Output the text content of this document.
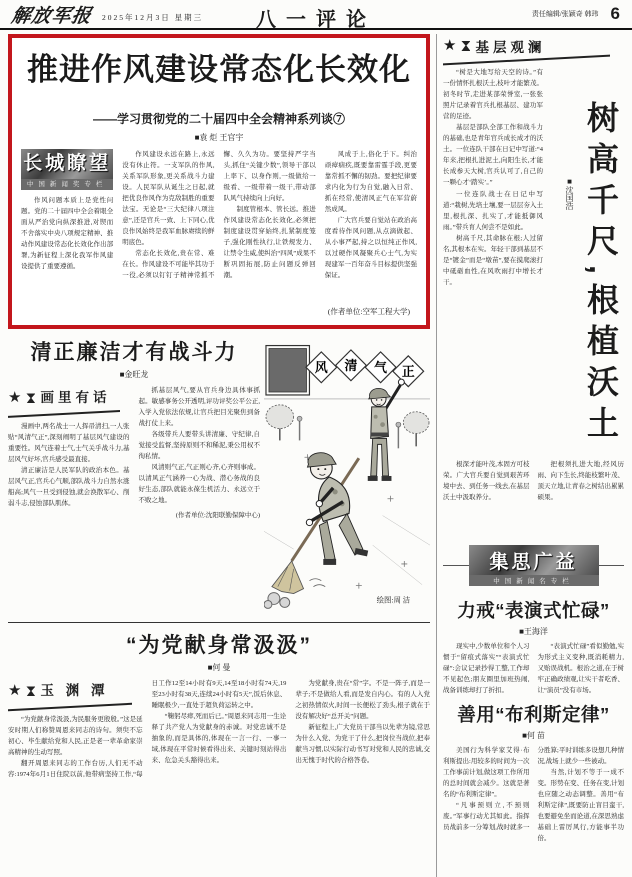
解放军报 2025年12月3日 星期三	八一评论	责任编辑/张颖奇 韩玮 6
推进作风建设常态化长效化
——学习贯彻党的二十届四中全会精神系列谈⑦
■袁 炬 王官宇
长城瞭望
中国新闻奖专栏

作风问题本质上是党性问题。党的二十届四中全会着眼全面从严治党向纵深推进,对锲而不舍落实中央八项规定精神、推动作风建设常态化长效化作出部署,为新征程上深化我军作风建设提供了重要遵循。

作风建设永远在路上,永远没有休止符。一支军队的作风,关系军队形象,更关系战斗力建设。人民军队从诞生之日起,就把优良作风作为克敌制胜的重要法宝。无论是“三大纪律八项注意”,还是官兵一致、上下同心,优良作风始终是我军血脉赓续的鲜明底色。

常态化长效化,贵在常、难在长。作风建设不可能毕其功于一役,必须以钉钉子精神常抓不懈、久久为功。要坚持严字当头,抓住“关键少数”,领导干部以上率下、以身作则,一级做给一级看、一级带着一级干,带动部队风气持续向上向好。

制度管根本、管长远。推进作风建设常态化长效化,必须把制度建设贯穿始终,扎紧制度笼子,强化刚性执行,让铁规发力、让禁令生威,使纠治“四风”成果不断巩固拓展,防止问题反弹回潮。

风成于上,俗化于下。纠治顽瘴痼疾,既要靠雷霆手段,更要靠常抓不懈的韧劲。要把纪律要求内化为行为自觉,融入日常、抓在经常,使清风正气在军营蔚然成风。

广大官兵要自觉站在政治高度看待作风问题,从点滴做起、从小事严起,持之以恒纯正作风,以过硬作风凝聚兵心士气,为实现建军一百年奋斗目标提供坚强保证。

(作者单位:空军工程大学)
清正廉洁才有战斗力
■金旺龙
★ 画里有话

漫画中,两名战士一人挥帚清扫,一人张贴“风清气正”,深刻阐明了基层风气建设的重要性。风气连着士气,士气关乎战斗力,基层风气好坏,官兵感受最直接。

清正廉洁是人民军队的政治本色。基层风气正,官兵心气顺,部队战斗力自然水涨船高;风气一旦受到侵蚀,就会涣散军心、削弱斗志,侵蚀部队肌体。

抓基层风气,要从官兵身边具体事抓起。敏感事务公开透明,评功评奖公平公正,入学入党依法依规,让官兵把目光聚焦到备战打仗上来。

各级带兵人要带头讲清廉、守纪律,自觉接受监督,坚持原则不和稀泥,秉公用权不徇私情。

风清则气正,气正则心齐,心齐则事成。以清风正气涵养一心为战、潜心务战的良好生态,部队就能永葆生机活力、永远立于不败之地。

(作者单位:沈阳联勤保障中心)

风 清 气 正
绘图:周 洁
“为党献身常汲汲”
■何 曼
★ 玉 渊 潭

“为党献身常汲汲,为民服务更殷殷。”这是延安时期人们称赞周恩来同志的诗句。须臾不忘初心、毕生献给党和人民,正是老一辈革命家崇高精神的生动写照。

翻开周恩来同志的工作台历,人们无不动容:1974年6月1日住院以前,他带病坚持工作,“每日工作12至14小时有9天,14至18小时有74天,19至23小时有38天,连续24小时有5天”,饭后休息、睡眠极少,一直处于超负荷运转之中。

“鞠躬尽瘁,死而后已。”周恩来同志用一生诠释了共产党人为党献身的赤诚。对党忠诚不是抽象的,而是具体的,体现在一言一行、一事一域,体现在平常时候看得出来、关键时刻站得出来、危急关头豁得出来。

为党献身,贵在“常”字。不是一阵子,而是一辈子;不是做给人看,而是发自内心。有的人入党之初热情似火,时间一长便松了劲头,根子就在于没有解决好“总开关”问题。

新征程上,广大党员干部当以先辈为镜,常思为什么入党、为党干了什么,把岗位当战位,把奉献当习惯,以实际行动书写对党和人民的忠诚,交出无愧于时代的合格答卷。

★ 基层观澜

“树是大地写给天空的诗。”有一份情怀扎根沃土,枝叶才能繁茂。初冬时节,走进某部荣誉室,一张张照片记录着官兵扎根基层、建功军营的足迹。

基层是部队全部工作和战斗力的基础,也是青年官兵成长成才的沃土。一位连队干部在日记中写道:“4年来,把根扎进泥土,向阳生长,才能长成参天大树,官兵认可了,自己的一颗心才‘踏实’。”

一位连队战士在日记中写道:“栽树,先培土壤,要一层层夯入土里,根扎深、扎实了,才能抵御风雨。”带兵育人何尝不是如此。

树高千尺,其命脉在根;人过留名,其根本在实。年轻干部到基层不是“镀金”而是“墩苗”,要在摸爬滚打中砥砺血性,在风吹雨打中增长才干。

■沈国浩 树高千尺,根植沃土

根深才能叶茂,本固方可枝荣。广大官兵要自觉到艰苦环境中去、到任务一线去,在基层沃土中汲取养分。

把根须扎进大地,经风历雨、向下生长,终能枝繁叶茂、顶天立地,让青春之树结出累累硕果。

集思广益
中国新闻名专栏
力戒“表演式忙碌”
■王海洋

现实中,少数单位和个人习惯于“留痕式落实”“表演式忙碌”:会议记录抄得工整,工作却不见起色;朋友圈里加班热闹,战备训练却打了折扣。

“表演式忙碌”看似勤勉,实为形式主义变种,既消耗精力,又贻误战机。根治之道,在于树牢正确政绩观,让实干者吃香、让“演员”没有市场。

善用“布利斯定律”
■何 苗

美国行为科学家艾得·布利斯提出:用较多的时间为一次工作事前计划,做这项工作所用的总时间就会减少。这就是著名的“布利斯定律”。

“凡事预则立,不预则废。”军事行动尤其如此。指挥员战前多一分筹划,战时就多一分胜算;平时训练多设想几种情况,战场上就少一些被动。

当然,计划不等于一成不变。形势在变、任务在变,计划也应随之动态调整。善用“布利斯定律”,既要防止盲目蛮干,也要避免坐而论道,在深思熟虑基础上雷厉风行,方能事半功倍。
